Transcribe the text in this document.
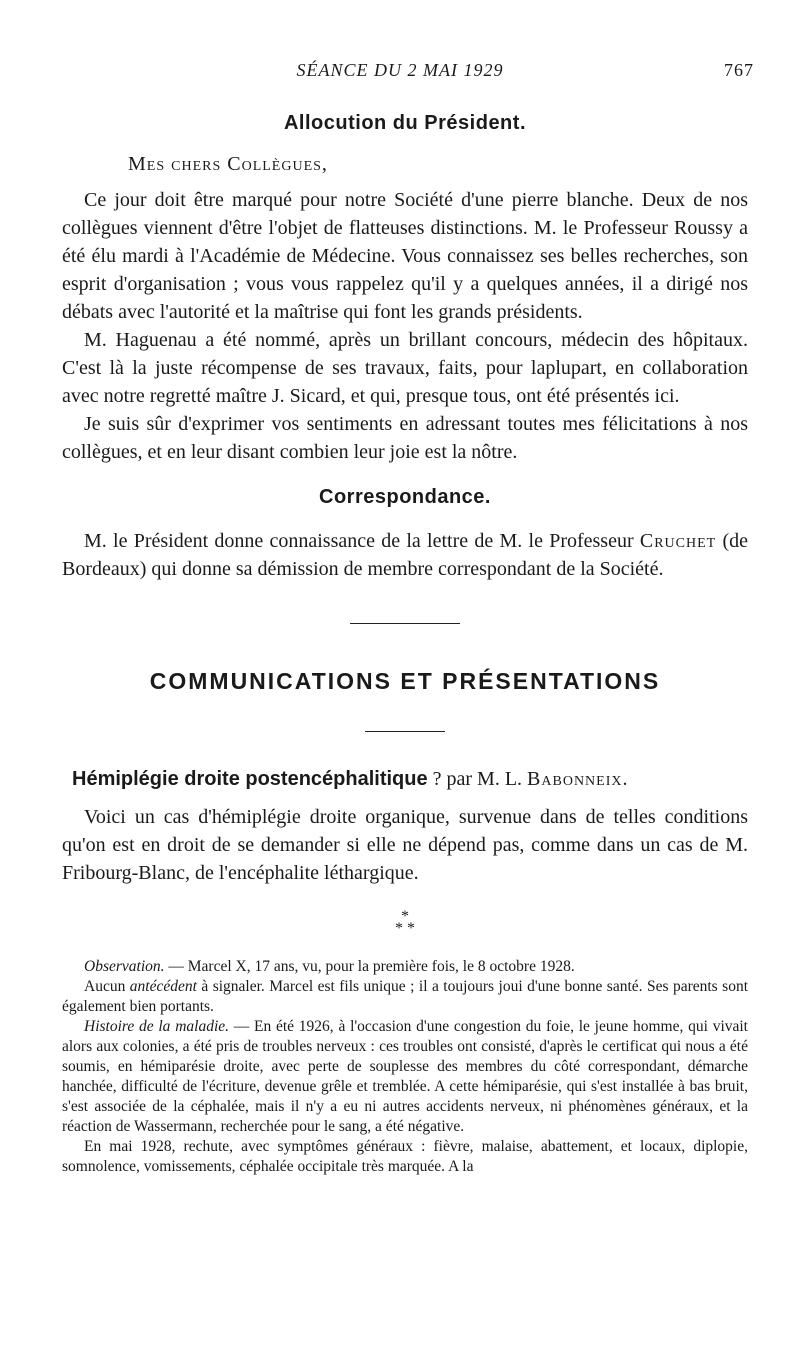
SÉANCE DU 2 MAI 1929	767
Allocution du Président.
Mes chers Collègues,

Ce jour doit être marqué pour notre Société d'une pierre blanche. Deux de nos collègues viennent d'être l'objet de flatteuses distinctions. M. le Professeur Roussy a été élu mardi à l'Académie de Médecine. Vous connaissez ses belles recherches, son esprit d'organisation ; vous vous rappelez qu'il y a quelques années, il a dirigé nos débats avec l'autorité et la maîtrise qui font les grands présidents.

M. Haguenau a été nommé, après un brillant concours, médecin des hôpitaux. C'est là la juste récompense de ses travaux, faits, pour laplupart, en collaboration avec notre regretté maître J. Sicard, et qui, presque tous, ont été présentés ici.

Je suis sûr d'exprimer vos sentiments en adressant toutes mes félicitations à nos collègues, et en leur disant combien leur joie est la nôtre.

Correspondance.

M. le Président donne connaissance de la lettre de M. le Professeur Cruchet (de Bordeaux) qui donne sa démission de membre correspondant de la Société.

COMMUNICATIONS ET PRÉSENTATIONS
Hémiplégie droite postencéphalitique ? par M. L. Babonneix.

Voici un cas d'hémiplégie droite organique, survenue dans de telles conditions qu'on est en droit de se demander si elle ne dépend pas, comme dans un cas de M. Fribourg-Blanc, de l'encéphalite léthargique.

*
* *

Observation. — Marcel X, 17 ans, vu, pour la première fois, le 8 octobre 1928.

Aucun antécédent à signaler. Marcel est fils unique ; il a toujours joui d'une bonne santé. Ses parents sont également bien portants.

Histoire de la maladie. — En été 1926, à l'occasion d'une congestion du foie, le jeune homme, qui vivait alors aux colonies, a été pris de troubles nerveux : ces troubles ont consisté, d'après le certificat qui nous a été soumis, en hémiparésie droite, avec perte de souplesse des membres du côté correspondant, démarche hanchée, difficulté de l'écriture, devenue grêle et tremblée. A cette hémiparésie, qui s'est installée à bas bruit, s'est associée de la céphalée, mais il n'y a eu ni autres accidents nerveux, ni phénomènes généraux, et la réaction de Wassermann, recherchée pour le sang, a été négative.

En mai 1928, rechute, avec symptômes généraux : fièvre, malaise, abattement, et locaux, diplopie, somnolence, vomissements, céphalée occipitale très marquée. A la
